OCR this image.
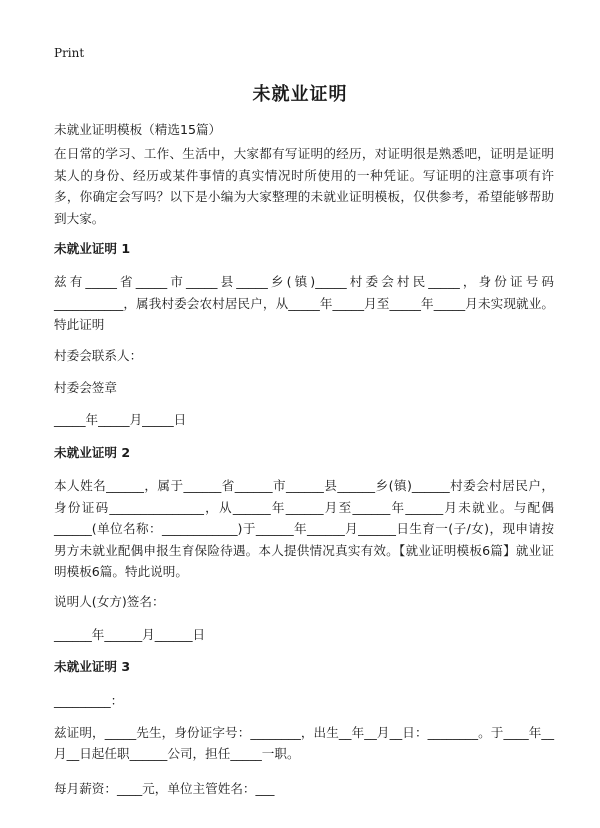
Print
未就业证明

未就业证明模板（精选15篇）

在日常的学习、工作、生活中，大家都有写证明的经历，对证明很是熟悉吧，证明是证明某人的身份、经历或某件事情的真实情况时所使用的一种凭证。写证明的注意事项有许多，你确定会写吗？以下是小编为大家整理的未就业证明模板，仅供参考，希望能够帮助到大家。

未就业证明 1

兹有_____省_____市_____县_____乡(镇)_____村委会村民_____，身份证号码___________，属我村委会农村居民户，从_____年_____月至_____年_____月未实现就业。特此证明

村委会联系人：

村委会签章

_____年_____月_____日

未就业证明 2

本人姓名______，属于______省______市______县______乡(镇)______村委会村居民户，身份证码_______________，从______年______月至______年______月未就业。与配偶______(单位名称：____________)于______年______月______日生育一(子/女)，现申请按男方未就业配偶申报生育保险待遇。本人提供情况真实有效。【就业证明模板6篇】就业证明模板6篇。特此说明。

说明人(女方)签名：

______年______月______日

未就业证明 3

_________：

兹证明，_____先生，身份证字号：________，出生__年__月__日：________。于____年__月__日起任职______公司，担任_____一职。

每月薪资：____元，单位主管姓名：___
